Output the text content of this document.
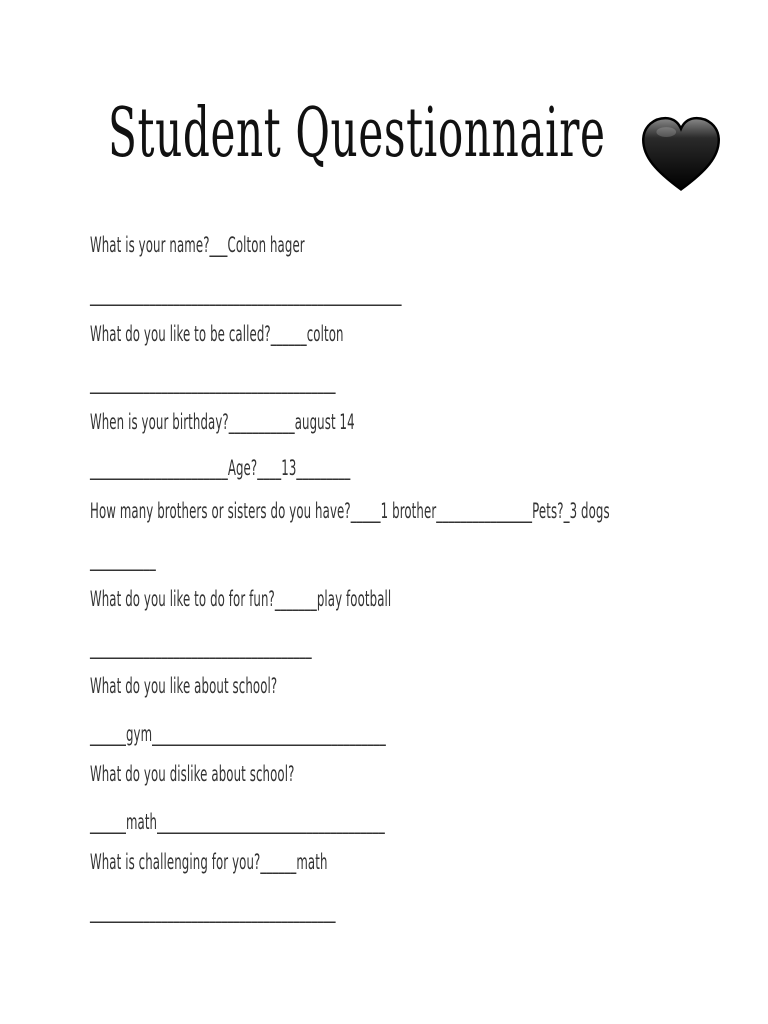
Student Questionnaire
What is your name?___Colton hager
____________________________________________________
What do you like to be called?______colton
_________________________________________
When is your birthday?___________august 14
_______________________Age?____13_________
How many brothers or sisters do you have?_____1 brother________________Pets?_3 dogs
___________
What do you like to do for fun?_______play football
_____________________________________
What do you like about school?
______gym_______________________________________
What do you dislike about school?
______math______________________________________
What is challenging for you?______math
_________________________________________
